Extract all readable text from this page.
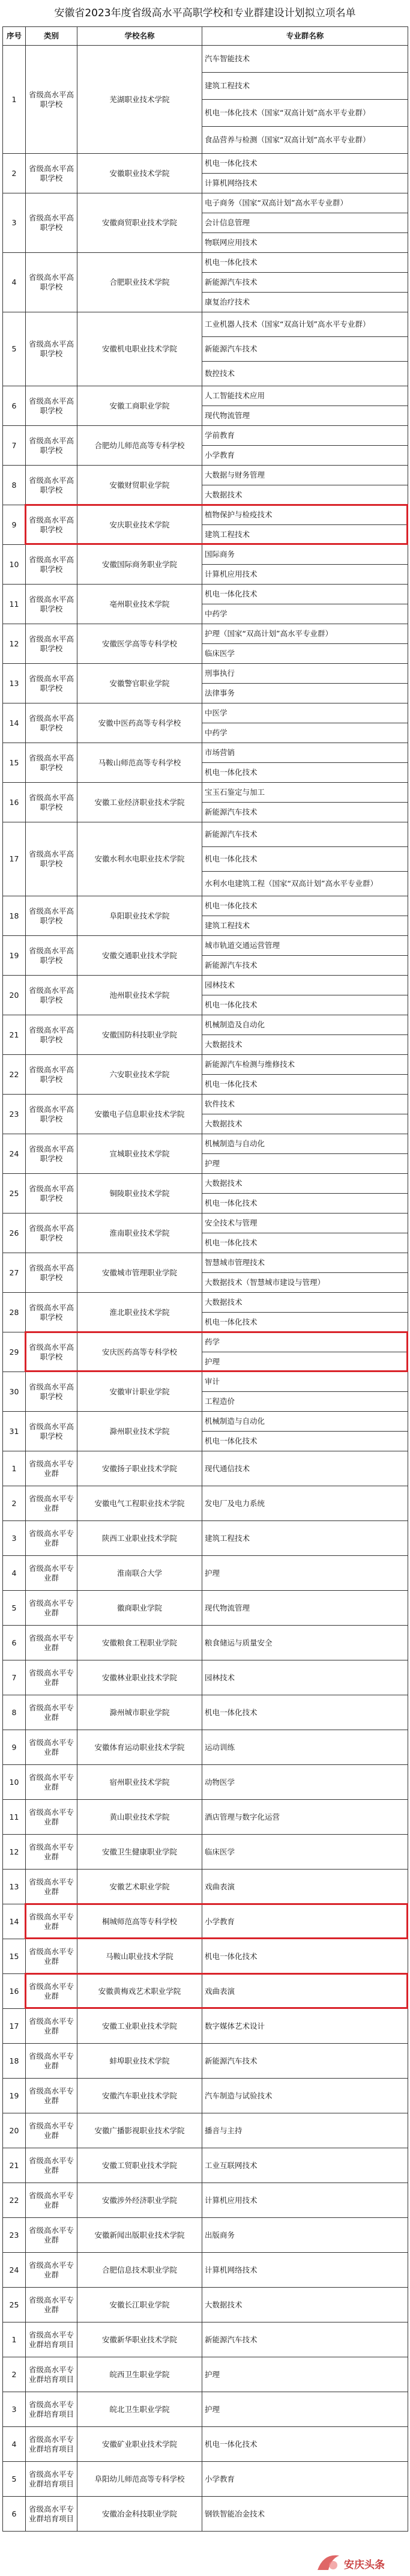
安徽省2023年度省级高水平高职学校和专业群建设计划拟立项名单
序号	类别	学校名称	专业群名称
1	省级高水平高职学校	芜湖职业技术学院	汽车智能技术
			建筑工程技术
			机电一体化技术（国家“双高计划”高水平专业群）
			食品营养与检测（国家“双高计划”高水平专业群）
2	省级高水平高职学校	安徽职业技术学院	机电一体化技术
			计算机网络技术
3	省级高水平高职学校	安徽商贸职业技术学院	电子商务（国家“双高计划”高水平专业群）
			会计信息管理
			物联网应用技术
4	省级高水平高职学校	合肥职业技术学院	机电一体化技术
			新能源汽车技术
			康复治疗技术
5	省级高水平高职学校	安徽机电职业技术学院	工业机器人技术（国家“双高计划”高水平专业群）
			新能源汽车技术
			数控技术
6	省级高水平高职学校	安徽工商职业学院	人工智能技术应用
			现代物流管理
7	省级高水平高职学校	合肥幼儿师范高等专科学校	学前教育
			小学教育
8	省级高水平高职学校	安徽财贸职业学院	大数据与财务管理
			大数据技术
9	省级高水平高职学校	安庆职业技术学院	植物保护与检疫技术
			建筑工程技术
10	省级高水平高职学校	安徽国际商务职业学院	国际商务
			计算机应用技术
11	省级高水平高职学校	亳州职业技术学院	机电一体化技术
			中药学
12	省级高水平高职学校	安徽医学高等专科学校	护理（国家“双高计划”高水平专业群）
			临床医学
13	省级高水平高职学校	安徽警官职业学院	刑事执行
			法律事务
14	省级高水平高职学校	安徽中医药高等专科学校	中医学
			中药学
15	省级高水平高职学校	马鞍山师范高等专科学校	市场营销
			机电一体化技术
16	省级高水平高职学校	安徽工业经济职业技术学院	宝玉石鉴定与加工
			新能源汽车技术
17	省级高水平高职学校	安徽水利水电职业技术学院	新能源汽车技术
			机电一体化技术
			水利水电建筑工程（国家“双高计划”高水平专业群）
18	省级高水平高职学校	阜阳职业技术学院	机电一体化技术
			建筑工程技术
19	省级高水平高职学校	安徽交通职业技术学院	城市轨道交通运营管理
			新能源汽车技术
20	省级高水平高职学校	池州职业技术学院	园林技术
			机电一体化技术
21	省级高水平高职学校	安徽国防科技职业学院	机械制造及自动化
			大数据技术
22	省级高水平高职学校	六安职业技术学院	新能源汽车检测与维修技术
			机电一体化技术
23	省级高水平高职学校	安徽电子信息职业技术学院	软件技术
			大数据技术
24	省级高水平高职学校	宣城职业技术学院	机械制造与自动化
			护理
25	省级高水平高职学校	铜陵职业技术学院	大数据技术
			机电一体化技术
26	省级高水平高职学校	淮南职业技术学院	安全技术与管理
			机电一体化技术
27	省级高水平高职学校	安徽城市管理职业学院	智慧城市管理技术
			大数据技术（智慧城市建设与管理）
28	省级高水平高职学校	淮北职业技术学院	大数据技术
			机电一体化技术
29	省级高水平高职学校	安庆医药高等专科学校	药学
			护理
30	省级高水平高职学校	安徽审计职业学院	审计
			工程造价
31	省级高水平高职学校	滁州职业技术学院	机械制造与自动化
			机电一体化技术
1	省级高水平专业群	安徽扬子职业技术学院	现代通信技术
2	省级高水平专业群	安徽电气工程职业技术学院	发电厂及电力系统
3	省级高水平专业群	陕西工业职业技术学院	建筑工程技术
4	省级高水平专业群	淮南联合大学	护理
5	省级高水平专业群	徽商职业学院	现代物流管理
6	省级高水平专业群	安徽粮食工程职业学院	粮食储运与质量安全
7	省级高水平专业群	安徽林业职业技术学院	园林技术
8	省级高水平专业群	滁州城市职业学院	机电一体化技术
9	省级高水平专业群	安徽体育运动职业技术学院	运动训练
10	省级高水平专业群	宿州职业技术学院	动物医学
11	省级高水平专业群	黄山职业技术学院	酒店管理与数字化运营
12	省级高水平专业群	安徽卫生健康职业学院	临床医学
13	省级高水平专业群	安徽艺术职业学院	戏曲表演
14	省级高水平专业群	桐城师范高等专科学校	小学教育
15	省级高水平专业群	马鞍山职业技术学院	机电一体化技术
16	省级高水平专业群	安徽黄梅戏艺术职业学院	戏曲表演
17	省级高水平专业群	安徽工业职业技术学院	数字媒体艺术设计
18	省级高水平专业群	蚌埠职业技术学院	新能源汽车技术
19	省级高水平专业群	安徽汽车职业技术学院	汽车制造与试验技术
20	省级高水平专业群	安徽广播影视职业技术学院	播音与主持
21	省级高水平专业群	安徽工贸职业技术学院	工业互联网技术
22	省级高水平专业群	安徽涉外经济职业学院	计算机应用技术
23	省级高水平专业群	安徽新闻出版职业技术学院	出版商务
24	省级高水平专业群	合肥信息技术职业学院	计算机网络技术
25	省级高水平专业群	安徽长江职业学院	大数据技术
1	省级高水平专业群培育项目	安徽新华职业技术学院	新能源汽车技术
2	省级高水平专业群培育项目	皖西卫生职业学院	护理
3	省级高水平专业群培育项目	皖北卫生职业学院	护理
4	省级高水平专业群培育项目	安徽矿业职业技术学院	机电一体化技术
5	省级高水平专业群培育项目	阜阳幼儿师范高等专科学校	小学教育
6	省级高水平专业群培育项目	安徽冶金科技职业学院	钢铁智能冶金技术
安庆头条
